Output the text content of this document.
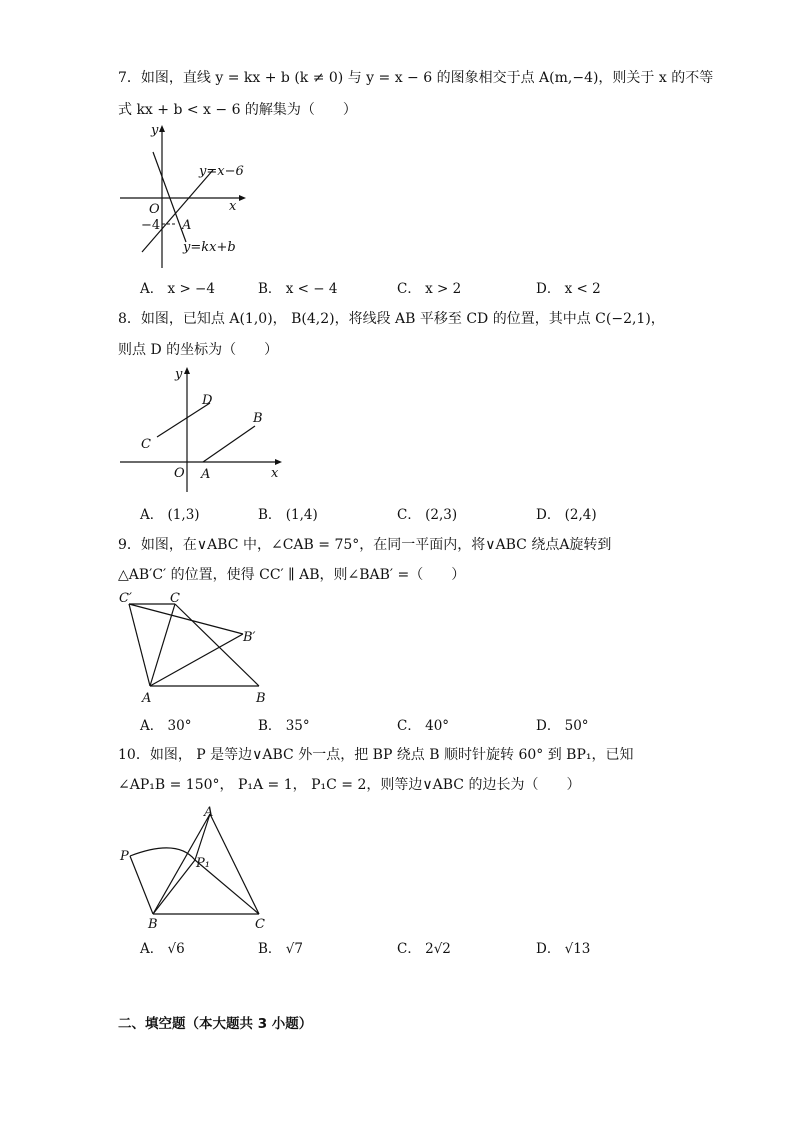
7．如图，直线 y = kx + b (k ≠ 0) 与 y = x − 6 的图象相交于点 A(m,−4)，则关于 x 的不等
式 kx + b < x − 6 的解集为（　　）
y
x
O
−4 A
y=x−6
y=kx+b
A． x > −4	B． x < − 4	C． x > 2	D． x < 2
8．如图，已知点 A(1,0)， B(4,2)，将线段 AB 平移至 CD 的位置，其中点 C(−2,1)，
则点 D 的坐标为（　　）
y
x
O A
B
C
D
A． (1,3)	B． (1,4)	C． (2,3)	D． (2,4)
9．如图，在∨ABC 中，∠CAB = 75°，在同一平面内，将∨ABC 绕点A旋转到
△AB′C′ 的位置，使得 CC′ ∥ AB，则∠BAB′ =（　　）
C′	C
B′
A	B
A． 30°	B． 35°	C． 40°	D． 50°
10．如图， P 是等边∨ABC 外一点，把 BP 绕点 B 顺时针旋转 60° 到 BP₁，已知
∠AP₁B = 150°， P₁A = 1， P₁C = 2，则等边∨ABC 的边长为（　　）
A
P	P₁
B	C
A． √6	B． √7	C． 2√2	D． √13
二、填空题（本大题共 3 小题）
